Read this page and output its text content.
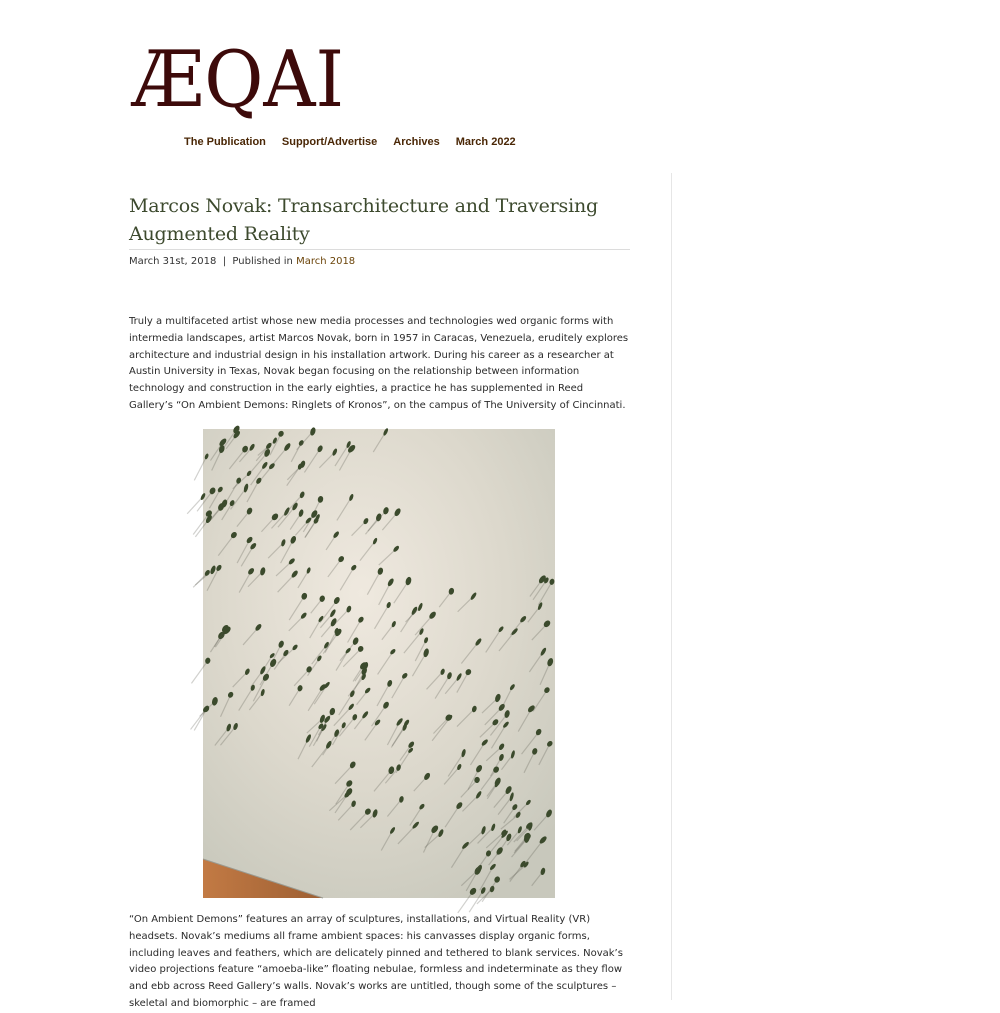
ÆQAI
The Publication Support/Advertise Archives March 2022
Marcos Novak: Transarchitecture and Traversing Augmented Reality
March 31st, 2018 | Published in March 2018

Truly a multifaceted artist whose new media processes and technologies wed organic forms with intermedia landscapes, artist Marcos Novak, born in 1957 in Caracas, Venezuela, eruditely explores architecture and industrial design in his installation artwork. During his career as a researcher at Austin University in Texas, Novak began focusing on the relationship between information technology and construction in the early eighties, a practice he has supplemented in Reed Gallery’s “On Ambient Demons: Ringlets of Kronos”, on the campus of The University of Cincinnati.

“On Ambient Demons” features an array of sculptures, installations, and Virtual Reality (VR) headsets. Novak’s mediums all frame ambient spaces: his canvasses display organic forms, including leaves and feathers, which are delicately pinned and tethered to blank services. Novak’s video projections feature “amoeba-like” floating nebulae, formless and indeterminate as they flow and ebb across Reed Gallery’s walls. Novak’s works are untitled, though some of the sculptures – skeletal and biomorphic – are framed
